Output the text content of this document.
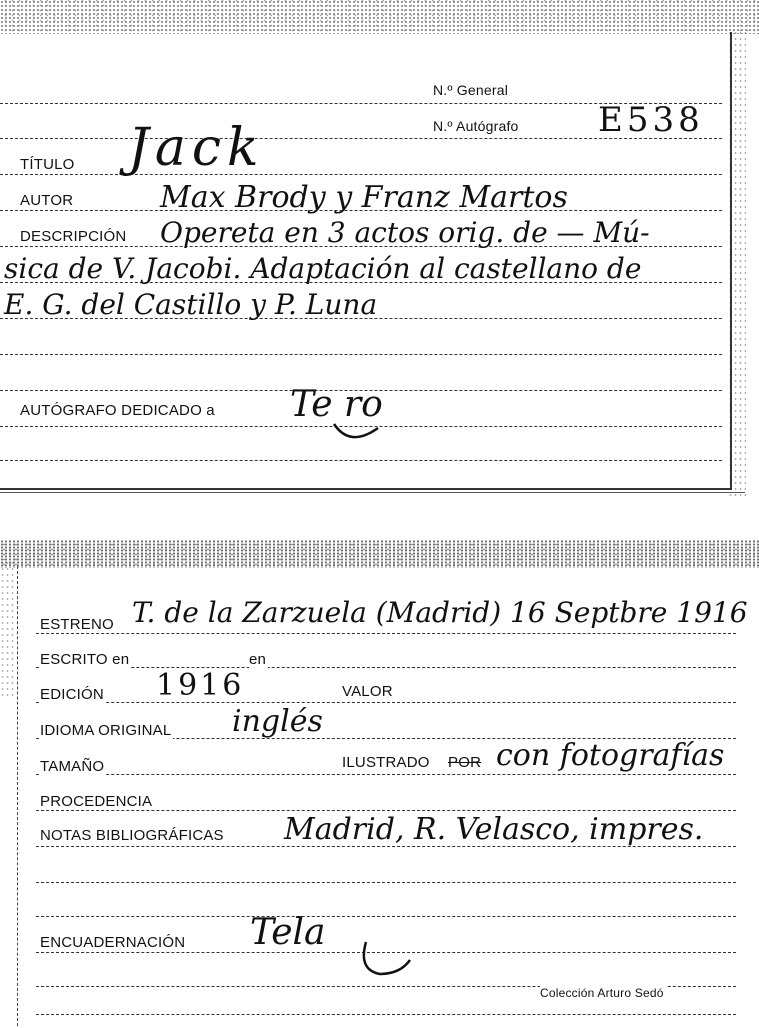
N.º General
N.º Autógrafo E538
TÍTULO Jack
AUTOR	Max Brody y Franz Martos
DESCRIPCIÓN Opereta en 3 actos orig. de — Mú-
sica de V. Jacobi. Adaptación al castellano de
E. G. del Castillo y P. Luna
AUTÓGRAFO DEDICADO a Te ro
ESTRENO T. de la Zarzuela (Madrid) 16 Septbre 1916
ESCRITO en	en
EDICIÓN 1916	VALOR
IDIOMA ORIGINAL inglés
TAMAÑO	ILUSTRADO POR con fotografías
PROCEDENCIA
NOTAS BIBLIOGRÁFICAS Madrid, R. Velasco, impres.
ENCUADERNACIÓN Tela
Colección Arturo Sedó
